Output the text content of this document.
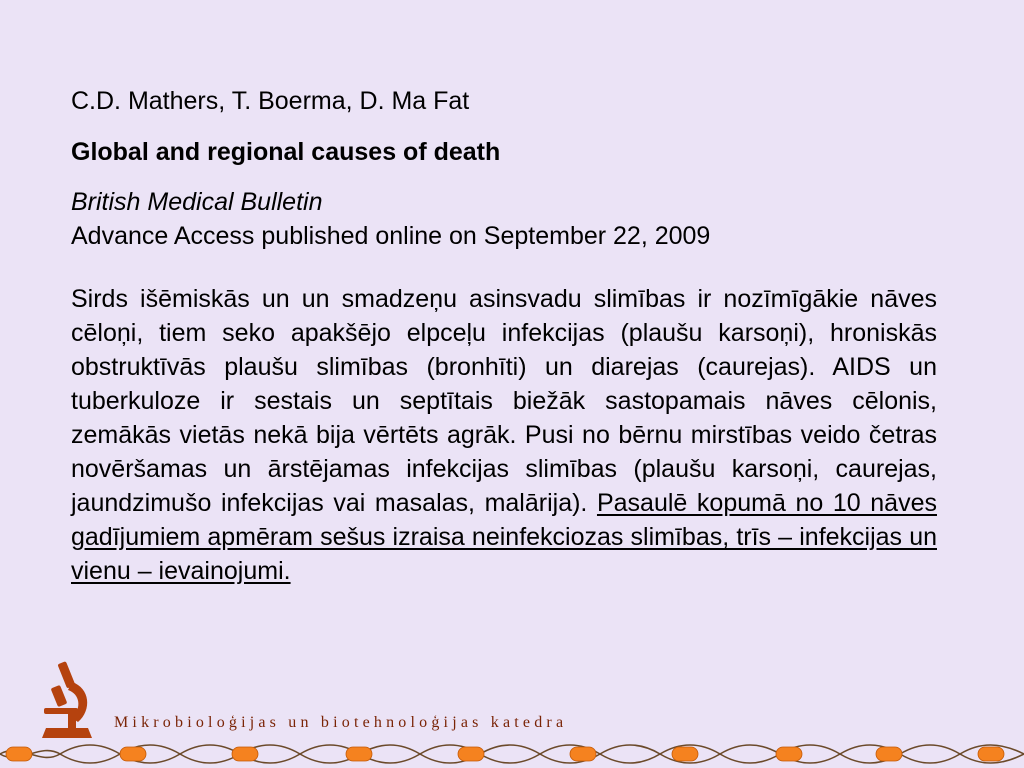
C.D. Mathers, T. Boerma, D. Ma Fat

Global and regional causes of death

British Medical Bulletin

Advance Access published online on September 22, 2009

Sirds išēmiskās un un smadzeņu asinsvadu slimības ir nozīmīgākie nāves cēloņi, tiem seko apakšējo elpceļu infekcijas (plaušu karsoņi), hroniskās obstruktīvās plaušu slimības (bronhīti) un diarejas (caurejas). AIDS un tuberkuloze ir sestais un septītais biežāk sastopamais nāves cēlonis, zemākās vietās nekā bija vērtēts agrāk. Pusi no bērnu mirstības veido četras novēršamas un ārstējamas infekcijas slimības (plaušu karsoņi, caurejas, jaundzimušo infekcijas vai masalas, malārija). Pasaulē kopumā no 10 nāves gadījumiem apmēram sešus izraisa neinfekciozas slimības, trīs – infekcijas un vienu – ievainojumi.

Mikrobioloģijas un biotehnoloģijas katedra
